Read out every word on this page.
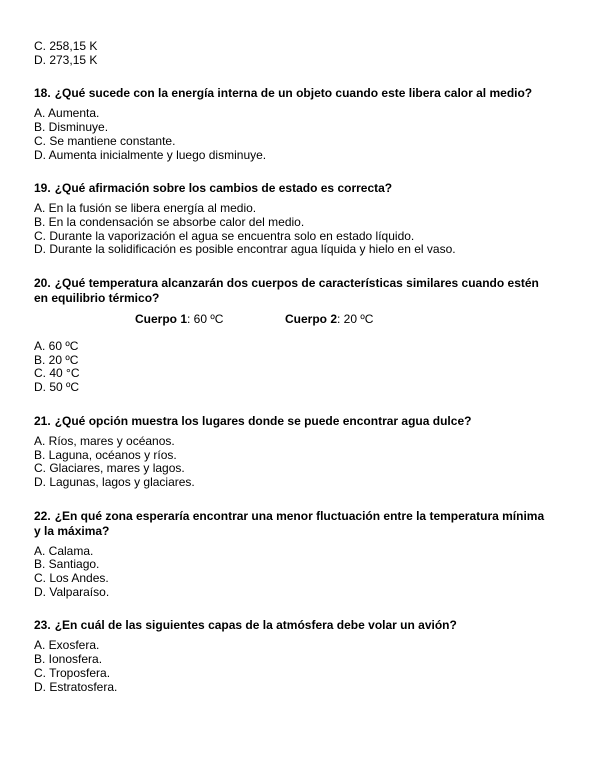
C. 258,15 K
D. 273,15 K

18. ¿Qué sucede con la energía interna de un objeto cuando este libera calor al medio?

A. Aumenta.
B. Disminuye.
C. Se mantiene constante.
D. Aumenta inicialmente y luego disminuye.

19. ¿Qué afirmación sobre los cambios de estado es correcta?

A. En la fusión se libera energía al medio.
B. En la condensación se absorbe calor del medio.
C. Durante la vaporización el agua se encuentra solo en estado líquido.
D. Durante la solidificación es posible encontrar agua líquida y hielo en el vaso.

20. ¿Qué temperatura alcanzarán dos cuerpos de características similares cuando estén en equilibrio térmico?

Cuerpo 1: 60 ºC	Cuerpo 2: 20 ºC
A. 60 ºC
B. 20 ºC
C. 40 °C
D. 50 ºC

21. ¿Qué opción muestra los lugares donde se puede encontrar agua dulce?

A. Ríos, mares y océanos.
B. Laguna, océanos y ríos.
C. Glaciares, mares y lagos.
D. Lagunas, lagos y glaciares.

22. ¿En qué zona esperaría encontrar una menor fluctuación entre la temperatura mínima y la máxima?

A. Calama.
B. Santiago.
C. Los Andes.
D. Valparaíso.

23. ¿En cuál de las siguientes capas de la atmósfera debe volar un avión?

A. Exosfera.
B. Ionosfera.
C. Troposfera.
D. Estratosfera.
